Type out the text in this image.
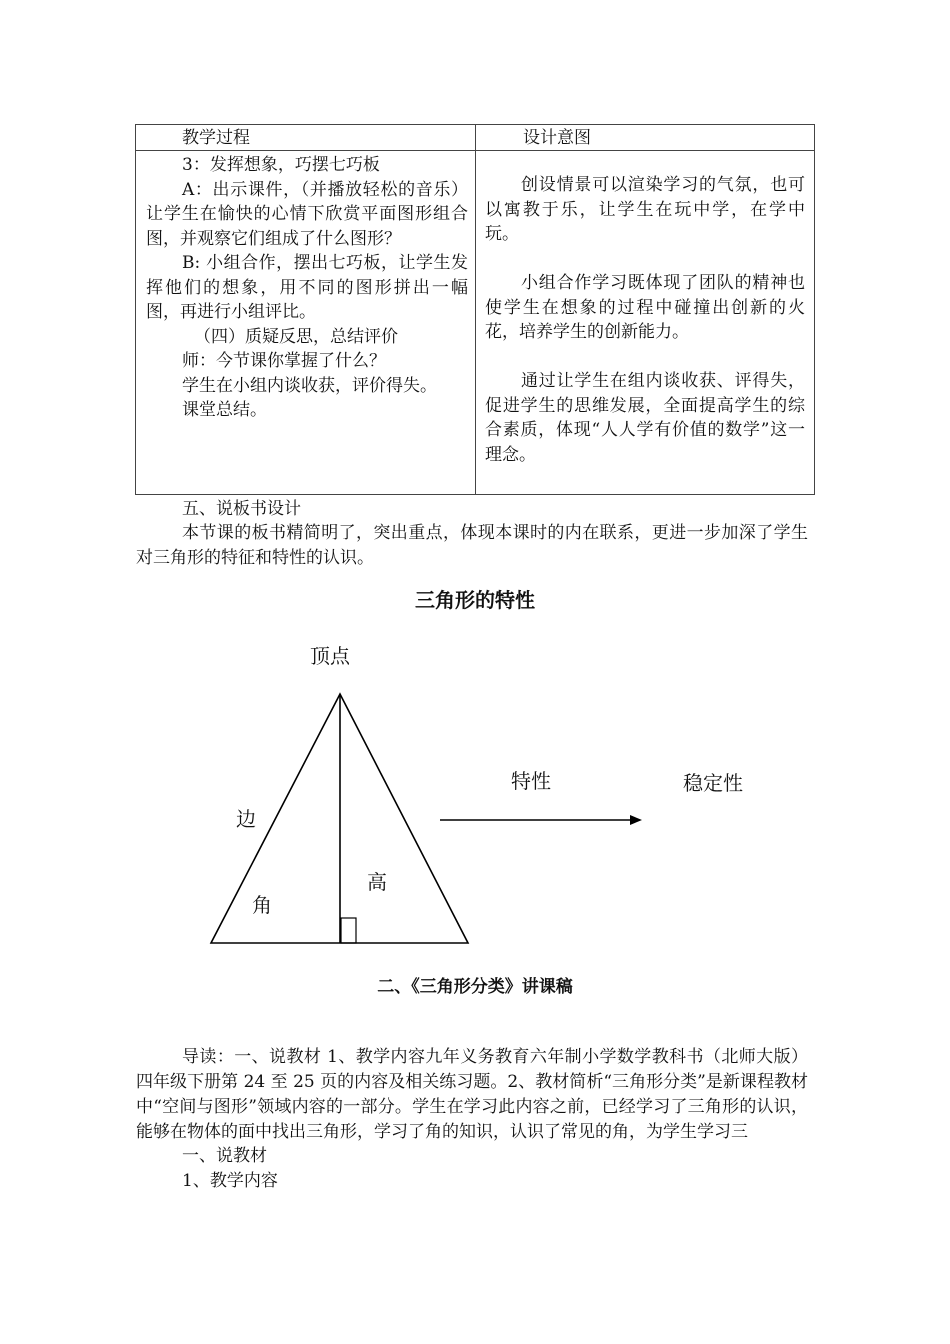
教学过程	设计意图

3：发挥想象，巧摆七巧板

A：出示课件，（并播放轻松的音乐）让学生在愉快的心情下欣赏平面图形组合图，并观察它们组成了什么图形？

B: 小组合作，摆出七巧板，让学生发挥他们的想象，用不同的图形拼出一幅图，再进行小组评比。

（四）质疑反思，总结评价

师：今节课你掌握了什么？

学生在小组内谈收获，评价得失。

课堂总结。

创设情景可以渲染学习的气氛，也可以寓教于乐，让学生在玩中学，在学中玩。

小组合作学习既体现了团队的精神也使学生在想象的过程中碰撞出创新的火花，培养学生的创新能力。

通过让学生在组内谈收获、评得失，促进学生的思维发展，全面提高学生的综合素质，体现“人人学有价值的数学”这一理念。

五、说板书设计

本节课的板书精简明了，突出重点，体现本课时的内在联系，更进一步加深了学生对三角形的特征和特性的认识。

三角形的特性
顶点
边
角
高
特性	稳定性
二、《三角形分类》讲课稿

导读：一、说教材 1、教学内容九年义务教育六年制小学数学教科书（北师大版）四年级下册第 24 至 25 页的内容及相关练习题。2、教材简析“三角形分类”是新课程教材中“空间与图形”领域内容的一部分。学生在学习此内容之前，已经学习了三角形的认识，能够在物体的面中找出三角形，学习了角的知识，认识了常见的角，为学生学习三

一、说教材
1、教学内容
